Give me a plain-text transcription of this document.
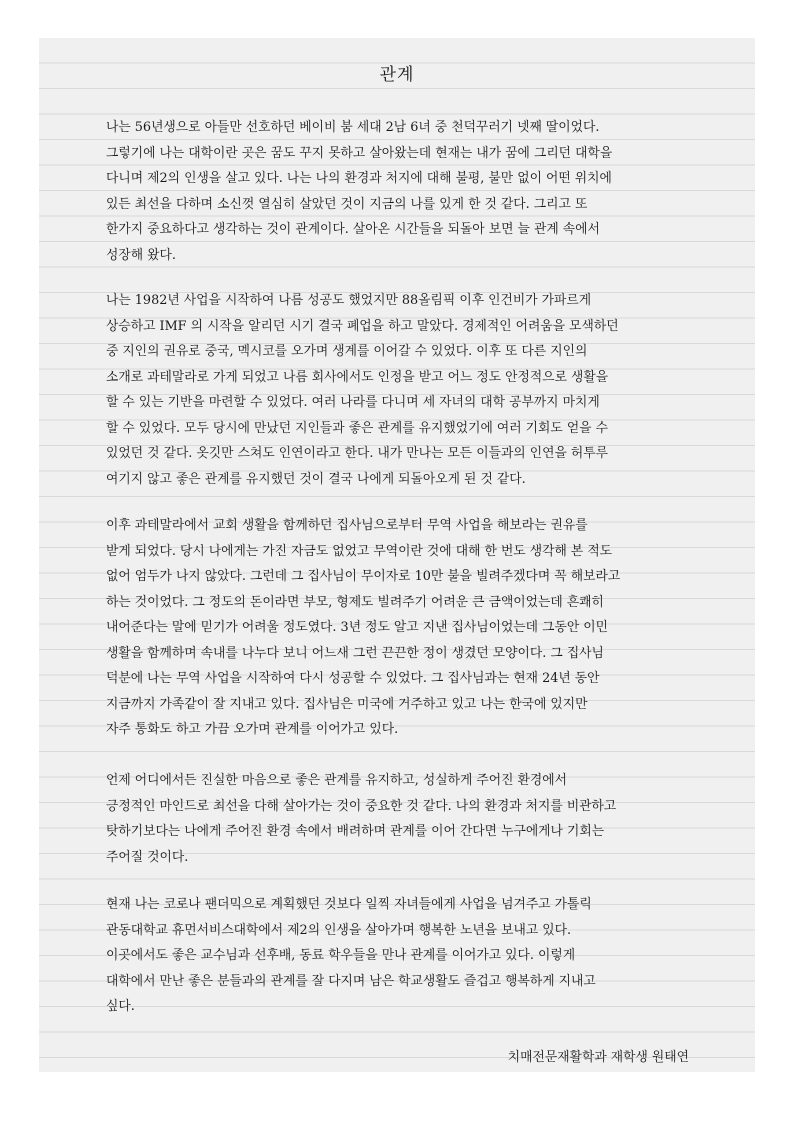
관계

나는 56년생으로 아들만 선호하던 베이비 붐 세대 2남 6녀 중 천덕꾸러기 넷째 딸이었다.
그렇기에 나는 대학이란 곳은 꿈도 꾸지 못하고 살아왔는데 현재는 내가 꿈에 그리던 대학을
다니며 제2의 인생을 살고 있다. 나는 나의 환경과 처지에 대해 불평, 불만 없이 어떤 위치에
있든 최선을 다하며 소신껏 열심히 살았던 것이 지금의 나를 있게 한 것 같다. 그리고 또
한가지 중요하다고 생각하는 것이 관계이다. 살아온 시간들을 되돌아 보면 늘 관계 속에서
성장해 왔다.

나는 1982년 사업을 시작하여 나름 성공도 했었지만 88올림픽 이후 인건비가 가파르게
상승하고 IMF 의 시작을 알리던 시기 결국 폐업을 하고 말았다. 경제적인 어려움을 모색하던
중 지인의 권유로 중국, 멕시코를 오가며 생계를 이어갈 수 있었다. 이후 또 다른 지인의
소개로 과테말라로 가게 되었고 나름 회사에서도 인정을 받고 어느 정도 안정적으로 생활을
할 수 있는 기반을 마련할 수 있었다. 여러 나라를 다니며 세 자녀의 대학 공부까지 마치게
할 수 있었다. 모두 당시에 만났던 지인들과 좋은 관계를 유지했었기에 여러 기회도 얻을 수
있었던 것 같다. 옷깃만 스쳐도 인연이라고 한다. 내가 만나는 모든 이들과의 인연을 허투루
여기지 않고 좋은 관계를 유지했던 것이 결국 나에게 되돌아오게 된 것 같다.

이후 과테말라에서 교회 생활을 함께하던 집사님으로부터 무역 사업을 해보라는 권유를
받게 되었다. 당시 나에게는 가진 자금도 없었고 무역이란 것에 대해 한 번도 생각해 본 적도
없어 엄두가 나지 않았다. 그런데 그 집사님이 무이자로 10만 불을 빌려주겠다며 꼭 해보라고
하는 것이었다. 그 정도의 돈이라면 부모, 형제도 빌려주기 어려운 큰 금액이었는데 흔쾌히
내어준다는 말에 믿기가 어려울 정도였다. 3년 정도 알고 지낸 집사님이었는데 그동안 이민
생활을 함께하며 속내를 나누다 보니 어느새 그런 끈끈한 정이 생겼던 모양이다. 그 집사님
덕분에 나는 무역 사업을 시작하여 다시 성공할 수 있었다. 그 집사님과는 현재 24년 동안
지금까지 가족같이 잘 지내고 있다. 집사님은 미국에 거주하고 있고 나는 한국에 있지만
자주 통화도 하고 가끔 오가며 관계를 이어가고 있다.

언제 어디에서든 진실한 마음으로 좋은 관계를 유지하고, 성실하게 주어진 환경에서
긍정적인 마인드로 최선을 다해 살아가는 것이 중요한 것 같다. 나의 환경과 처지를 비관하고
탓하기보다는 나에게 주어진 환경 속에서 배려하며 관계를 이어 간다면 누구에게나 기회는
주어질 것이다.

현재 나는 코로나 팬더믹으로 계획했던 것보다 일찍 자녀들에게 사업을 넘겨주고 가톨릭
관동대학교 휴먼서비스대학에서 제2의 인생을 살아가며 행복한 노년을 보내고 있다.
이곳에서도 좋은 교수님과 선후배, 동료 학우들을 만나 관계를 이어가고 있다. 이렇게
대학에서 만난 좋은 분들과의 관계를 잘 다지며 남은 학교생활도 즐겁고 행복하게 지내고
싶다.

치매전문재활학과 재학생 원태연
